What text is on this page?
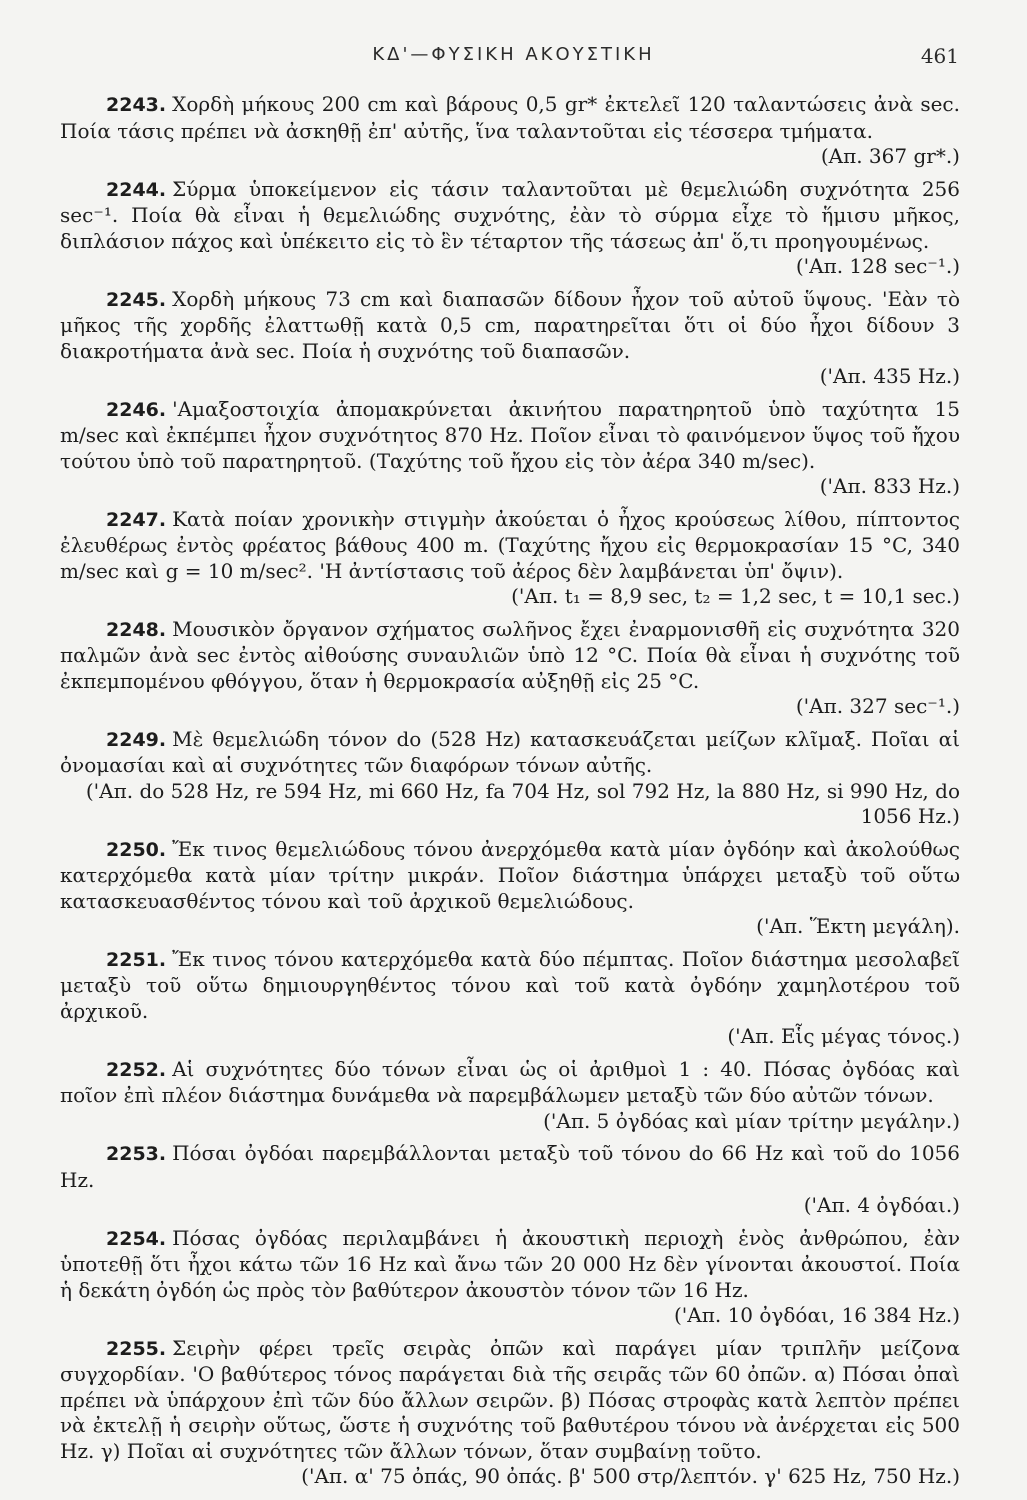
ΚΔ'—ΦΥΣΙΚΗ ΑΚΟΥΣΤΙΚΗ	461
2243. Χορδὴ μήκους 200 cm καὶ βάρους 0,5 gr* ἐκτελεῖ 120 ταλαντώσεις ἀνὰ sec. Ποία τάσις πρέπει νὰ ἀσκηθῇ ἐπ' αὐτῆς, ἵνα ταλαντοῦται εἰς τέσσερα τμήματα.
(Απ. 367 gr*.)
2244. Σύρμα ὑποκείμενον εἰς τάσιν ταλαντοῦται μὲ θεμελιώδη συχνότητα 256 sec⁻¹. Ποία θὰ εἶναι ἡ θεμελιώδης συχνότης, ἐὰν τὸ σύρμα εἶχε τὸ ἥμισυ μῆκος, διπλάσιον πάχος καὶ ὑπέκειτο εἰς τὸ ἓν τέταρτον τῆς τάσεως ἀπ' ὅ,τι προηγουμένως.
('Απ. 128 sec⁻¹.)
2245. Χορδὴ μήκους 73 cm καὶ διαπασῶν δίδουν ἦχον τοῦ αὐτοῦ ὕψους. 'Εὰν τὸ μῆκος τῆς χορδῆς ἐλαττωθῇ κατὰ 0,5 cm, παρατηρεῖται ὅτι οἱ δύο ἦχοι δίδουν 3 διακροτήματα ἀνὰ sec. Ποία ἡ συχνότης τοῦ διαπασῶν.
('Απ. 435 Hz.)
2246. 'Αμαξοστοιχία ἀπομακρύνεται ἀκινήτου παρατηρητοῦ ὑπὸ ταχύτητα 15 m/sec καὶ ἐκπέμπει ἦχον συχνότητος 870 Hz. Ποῖον εἶναι τὸ φαινόμενον ὕψος τοῦ ἤχου τούτου ὑπὸ τοῦ παρατηρητοῦ. (Ταχύτης τοῦ ἤχου εἰς τὸν ἀέρα 340 m/sec).
('Απ. 833 Hz.)
2247. Κατὰ ποίαν χρονικὴν στιγμὴν ἀκούεται ὁ ἦχος κρούσεως λίθου, πίπτοντος ἐλευθέρως ἐντὸς φρέατος βάθους 400 m. (Ταχύτης ἤχου εἰς θερμοκρασίαν 15 °C, 340 m/sec καὶ g = 10 m/sec². 'Η ἀντίστασις τοῦ ἀέρος δὲν λαμβάνεται ὑπ' ὄψιν).
('Απ. t₁ = 8,9 sec, t₂ = 1,2 sec, t = 10,1 sec.)
2248. Μουσικὸν ὄργανον σχήματος σωλῆνος ἔχει ἐναρμονισθῆ εἰς συχνότητα 320 παλμῶν ἀνὰ sec ἐντὸς αἰθούσης συναυλιῶν ὑπὸ 12 °C. Ποία θὰ εἶναι ἡ συχνότης τοῦ ἐκπεμπομένου φθόγγου, ὅταν ἡ θερμοκρασία αὐξηθῇ εἰς 25 °C.
('Απ. 327 sec⁻¹.)
2249. Μὲ θεμελιώδη τόνον do (528 Hz) κατασκευάζεται μείζων κλῖμαξ. Ποῖαι αἱ ὀνομασίαι καὶ αἱ συχνότητες τῶν διαφόρων τόνων αὐτῆς.
('Απ. do 528 Hz, re 594 Hz, mi 660 Hz, fa 704 Hz, sol 792 Hz, la 880 Hz, si 990 Hz, do 1056 Hz.)
2250. Ἔκ τινος θεμελιώδους τόνου ἀνερχόμεθα κατὰ μίαν ὀγδόην καὶ ἀκολούθως κατερχόμεθα κατὰ μίαν τρίτην μικράν. Ποῖον διάστημα ὑπάρχει μεταξὺ τοῦ οὕτω κατασκευασθέντος τόνου καὶ τοῦ ἀρχικοῦ θεμελιώδους.
('Απ. Ἕκτη μεγάλη).
2251. Ἔκ τινος τόνου κατερχόμεθα κατὰ δύο πέμπτας. Ποῖον διάστημα μεσολαβεῖ μεταξὺ τοῦ οὕτω δημιουργηθέντος τόνου καὶ τοῦ κατὰ ὀγδόην χαμηλοτέρου τοῦ ἀρχικοῦ.
('Απ. Εἷς μέγας τόνος.)
2252. Αἱ συχνότητες δύο τόνων εἶναι ὡς οἱ ἀριθμοὶ 1 : 40. Πόσας ὀγδόας καὶ ποῖον ἐπὶ πλέον διάστημα δυνάμεθα νὰ παρεμβάλωμεν μεταξὺ τῶν δύο αὐτῶν τόνων.
('Απ. 5 ὀγδόας καὶ μίαν τρίτην μεγάλην.)
2253. Πόσαι ὀγδόαι παρεμβάλλονται μεταξὺ τοῦ τόνου do 66 Hz καὶ τοῦ do 1056 Hz.
('Απ. 4 ὀγδόαι.)
2254. Πόσας ὀγδόας περιλαμβάνει ἡ ἀκουστικὴ περιοχὴ ἑνὸς ἀνθρώπου, ἐὰν ὑποτεθῇ ὅτι ἦχοι κάτω τῶν 16 Hz καὶ ἄνω τῶν 20 000 Hz δὲν γίνονται ἀκουστοί. Ποία ἡ δεκάτη ὀγδόη ὡς πρὸς τὸν βαθύτερον ἀκουστὸν τόνον τῶν 16 Hz.
('Απ. 10 ὀγδόαι, 16 384 Hz.)
2255. Σειρὴν φέρει τρεῖς σειρὰς ὀπῶν καὶ παράγει μίαν τριπλῆν μείζονα συγχορδίαν. 'Ο βαθύτερος τόνος παράγεται διὰ τῆς σειρᾶς τῶν 60 ὀπῶν. α) Πόσαι ὀπαὶ πρέπει νὰ ὑπάρχουν ἐπὶ τῶν δύο ἄλλων σειρῶν. β) Πόσας στροφὰς κατὰ λεπτὸν πρέπει νὰ ἐκτελῇ ἡ σειρὴν οὕτως, ὥστε ἡ συχνότης τοῦ βαθυτέρου τόνου νὰ ἀνέρχεται εἰς 500 Hz. γ) Ποῖαι αἱ συχνότητες τῶν ἄλλων τόνων, ὅταν συμβαίνῃ τοῦτο.
('Απ. α' 75 ὀπάς, 90 ὀπάς. β' 500 στρ/λεπτόν. γ' 625 Hz, 750 Hz.)
